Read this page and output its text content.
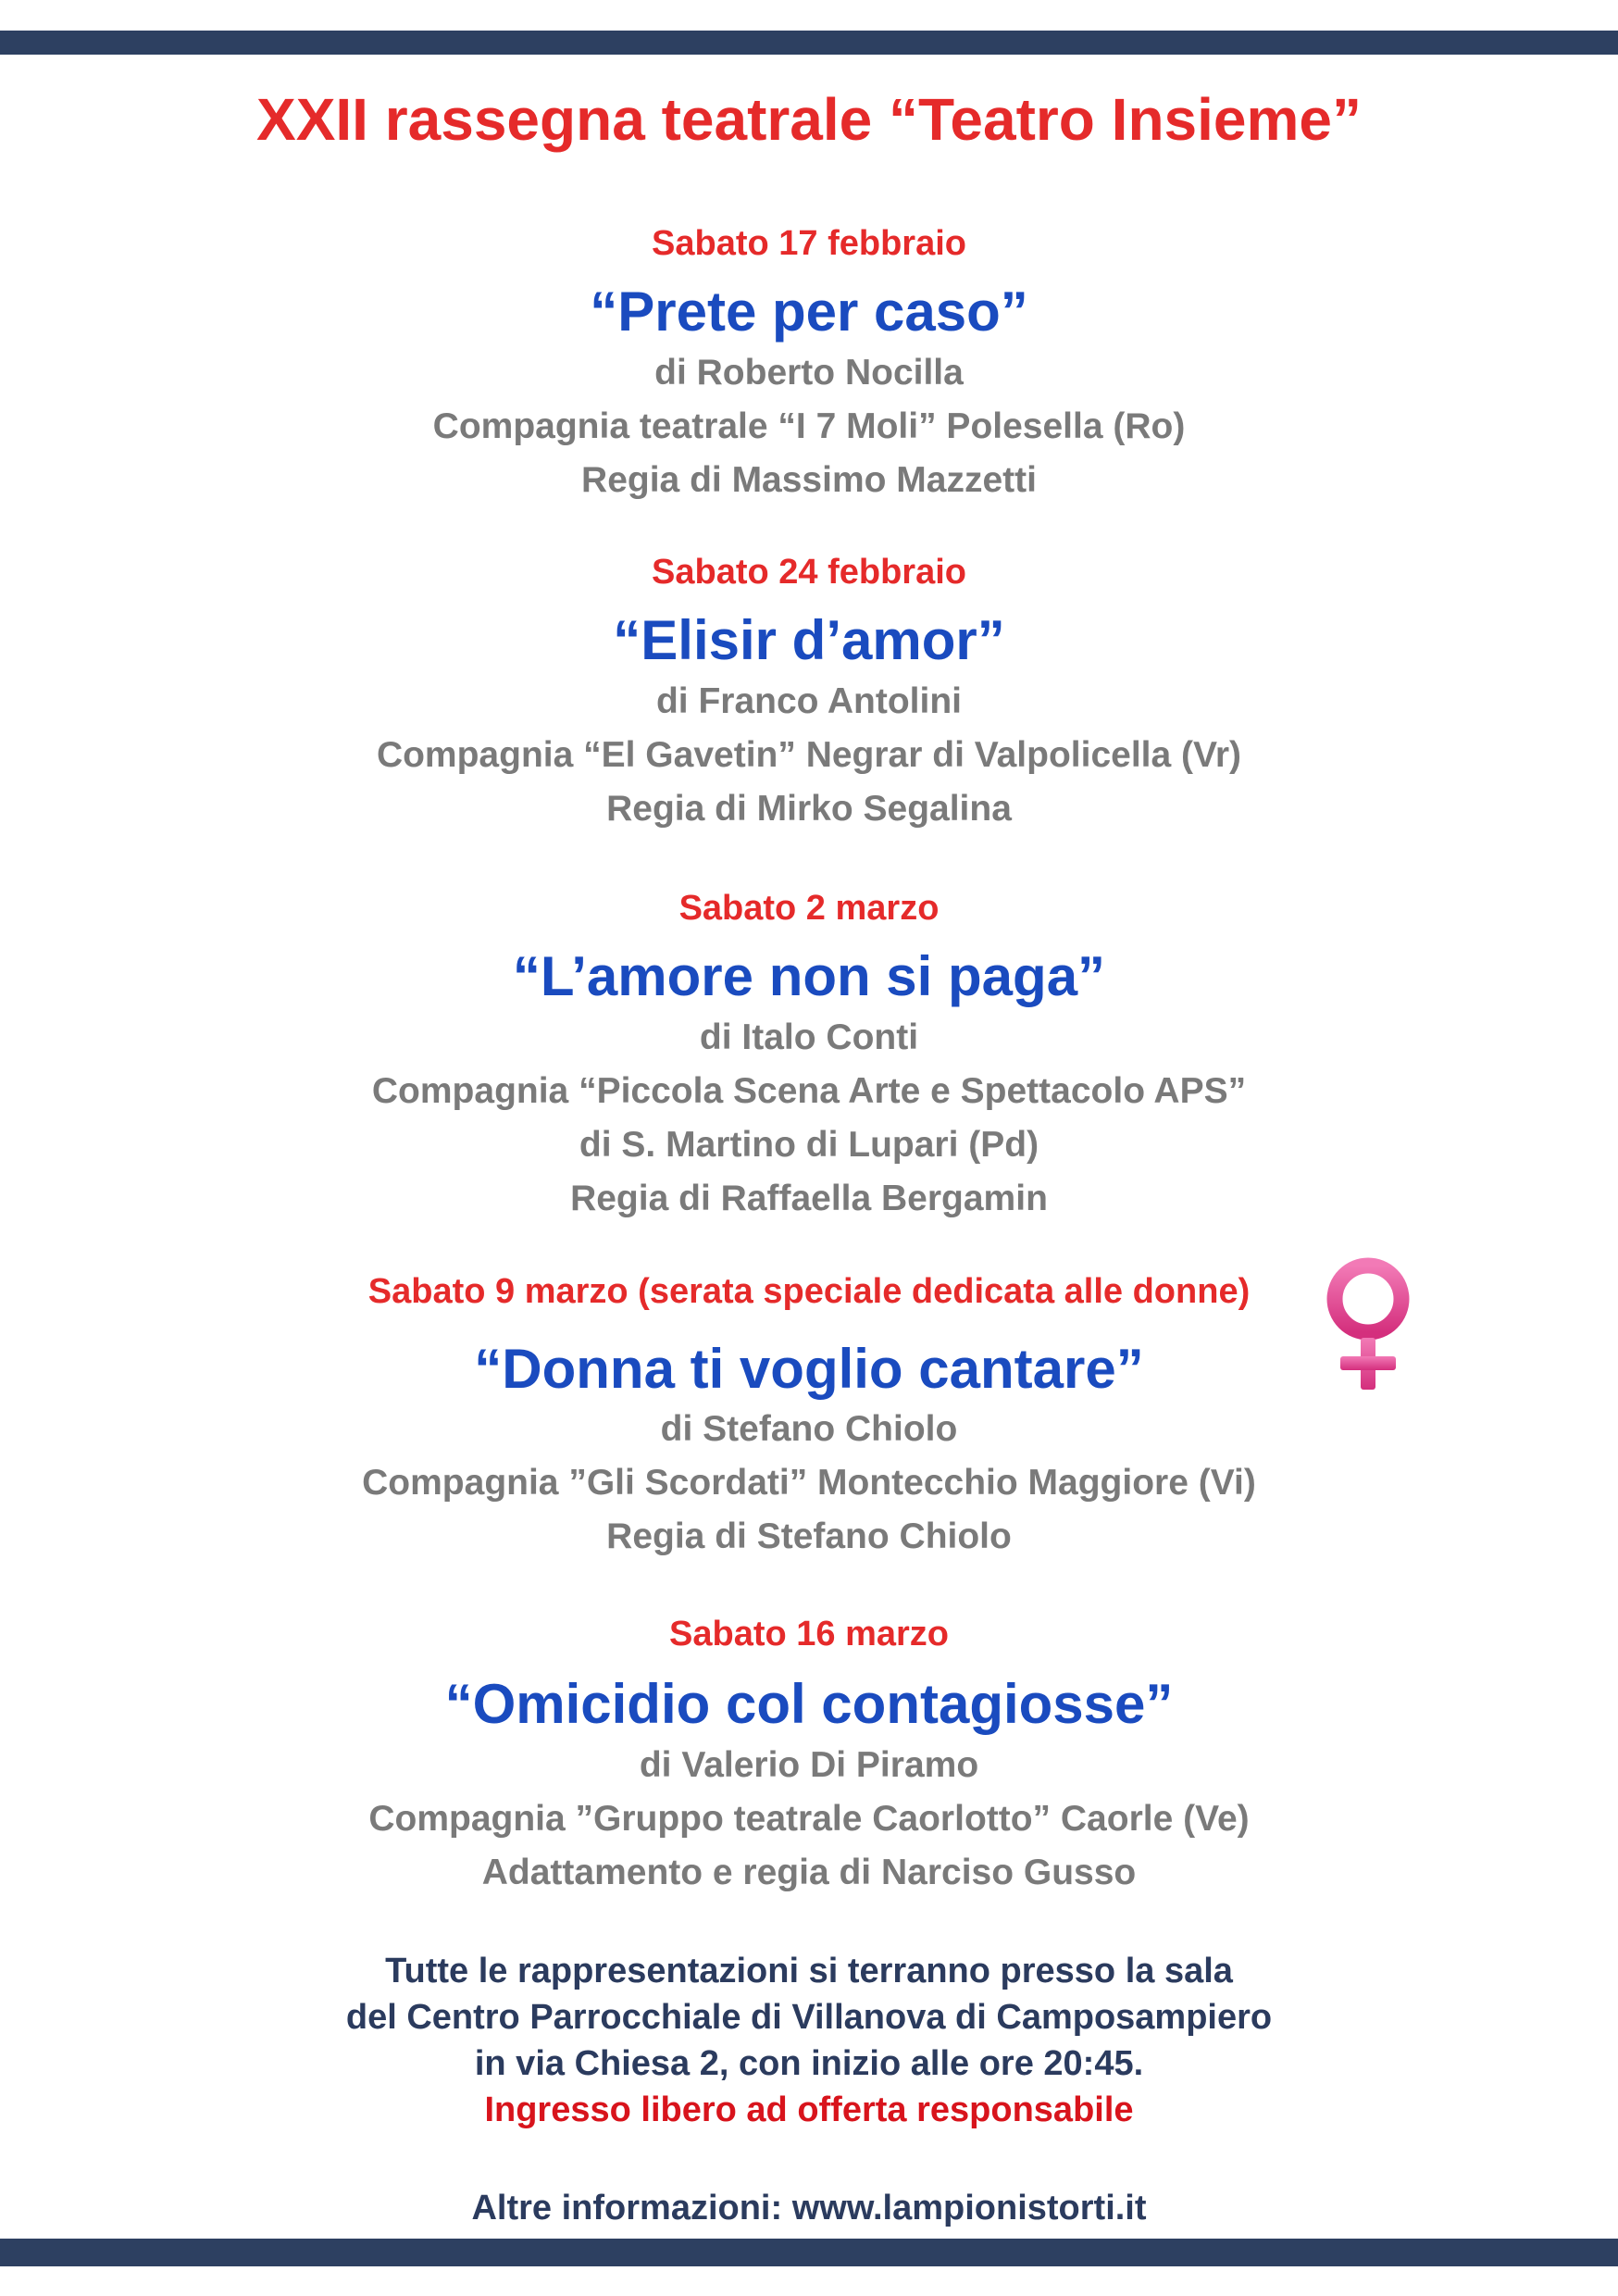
XXII rassegna teatrale “Teatro Insieme”
Sabato 17 febbraio
“Prete per caso”
di Roberto Nocilla
Compagnia teatrale “I 7 Moli” Polesella (Ro)
Regia di Massimo Mazzetti
Sabato 24 febbraio
“Elisir d’amor”
di Franco Antolini
Compagnia “El Gavetin” Negrar di Valpolicella (Vr)
Regia di Mirko Segalina
Sabato 2 marzo
“L’amore non si paga”
di Italo Conti
Compagnia “Piccola Scena Arte e Spettacolo APS”
di S. Martino di Lupari (Pd)
Regia di Raffaella Bergamin
Sabato 9 marzo (serata speciale dedicata alle donne)
“Donna ti voglio cantare”
di Stefano Chiolo
Compagnia ”Gli Scordati” Montecchio Maggiore (Vi)
Regia di Stefano Chiolo
Sabato 16 marzo
“Omicidio col contagiosse”
di Valerio Di Piramo
Compagnia ”Gruppo teatrale Caorlotto” Caorle (Ve)
Adattamento e regia di Narciso Gusso
Tutte le rappresentazioni si terranno presso la sala
del Centro Parrocchiale di Villanova di Camposampiero
in via Chiesa 2, con inizio alle ore 20:45.
Ingresso libero ad offerta responsabile
Altre informazioni: www.lampionistorti.it
